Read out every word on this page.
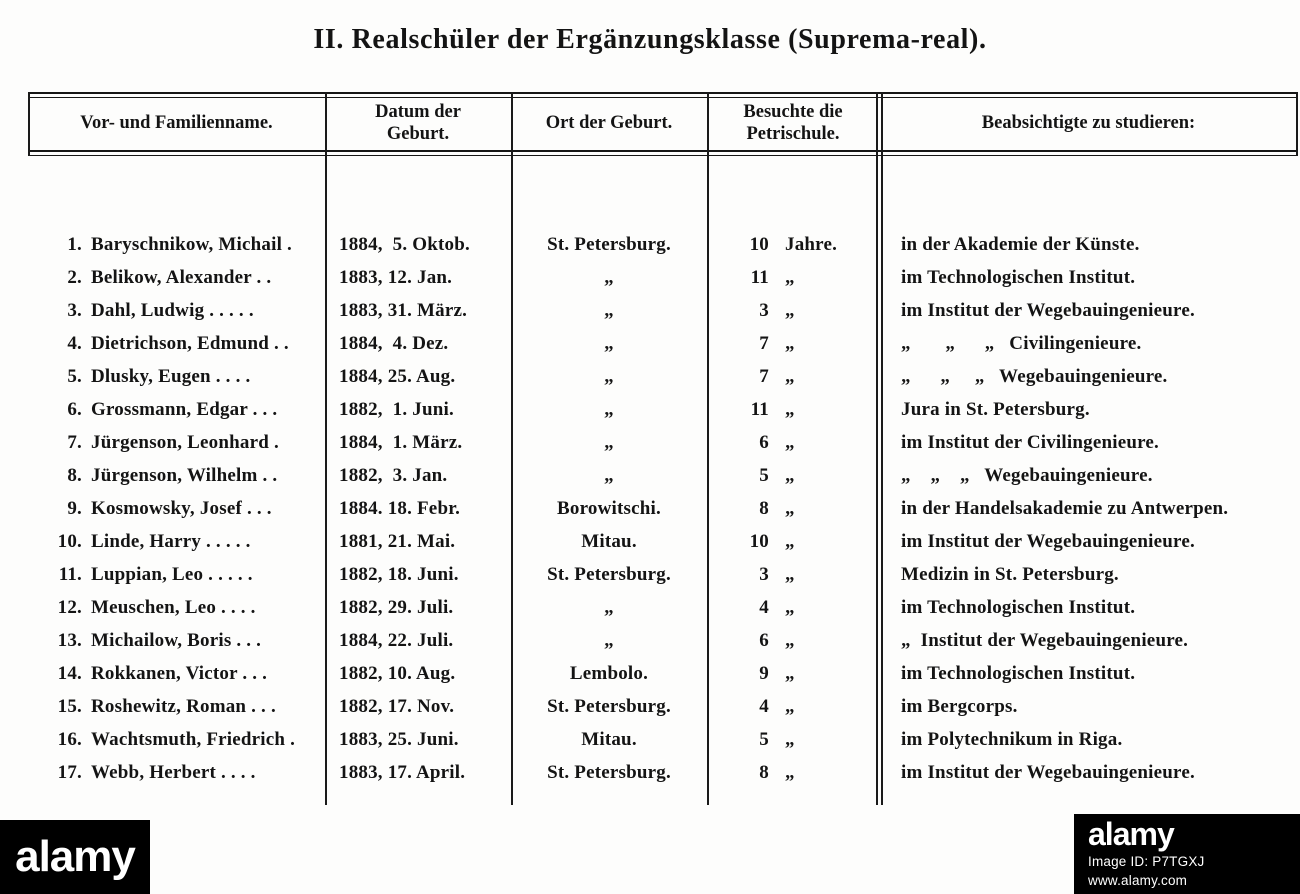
II. Realschüler der Ergänzungsklasse (Suprema-real).
Vor- und Familienname.
Datum der
Geburt.
Ort der Geburt.
Besuchte die
Petrischule.
Beabsichtigte zu studieren:
1. Baryschnikow, Michail .	1884,  5. Oktob.	St. Petersburg.	10 Jahre.	in der Akademie der Künste.
2. Belikow, Alexander . .	1883, 12. Jan.	„	11 „	im Technologischen Institut.
3. Dahl, Ludwig . . . . .	1883, 31. März.	„	3 „	im Institut der Wegebauingenieure.
4. Dietrichson, Edmund . .	1884,  4. Dez.	„	7 „	„       „      „   Civilingenieure.
5. Dlusky, Eugen . . . .	1884, 25. Aug.	„	7 „	„      „     „   Wegebauingenieure.
6. Grossmann, Edgar . . .	1882,  1. Juni.	„	11 „	Jura in St. Petersburg.
7. Jürgenson, Leonhard .	1884,  1. März.	„	6 „	im Institut der Civilingenieure.
8. Jürgenson, Wilhelm . .	1882,  3. Jan.	„	5 „	„    „    „   Wegebauingenieure.
9. Kosmowsky, Josef . . .	1884. 18. Febr.	Borowitschi.	8 „	in der Handelsakademie zu Antwerpen.
10. Linde, Harry . . . . .	1881, 21. Mai.	Mitau.	10 „	im Institut der Wegebauingenieure.
11. Luppian, Leo . . . . .	1882, 18. Juni.	St. Petersburg.	3 „	Medizin in St. Petersburg.
12. Meuschen, Leo . . . .	1882, 29. Juli.	„	4 „	im Technologischen Institut.
13. Michailow, Boris . . .	1884, 22. Juli.	„	6 „	„  Institut der Wegebauingenieure.
14. Rokkanen, Victor . . .	1882, 10. Aug.	Lembolo.	9 „	im Technologischen Institut.
15. Roshewitz, Roman . . .	1882, 17. Nov.	St. Petersburg.	4 „	im Bergcorps.
16. Wachtsmuth, Friedrich .	1883, 25. Juni.	Mitau.	5 „	im Polytechnikum in Riga.
17. Webb, Herbert . . . .	1883, 17. April.	St. Petersburg.	8 „	im Institut der Wegebauingenieure.
alamy	alamy
Image ID: P7TGXJ
www.alamy.com
